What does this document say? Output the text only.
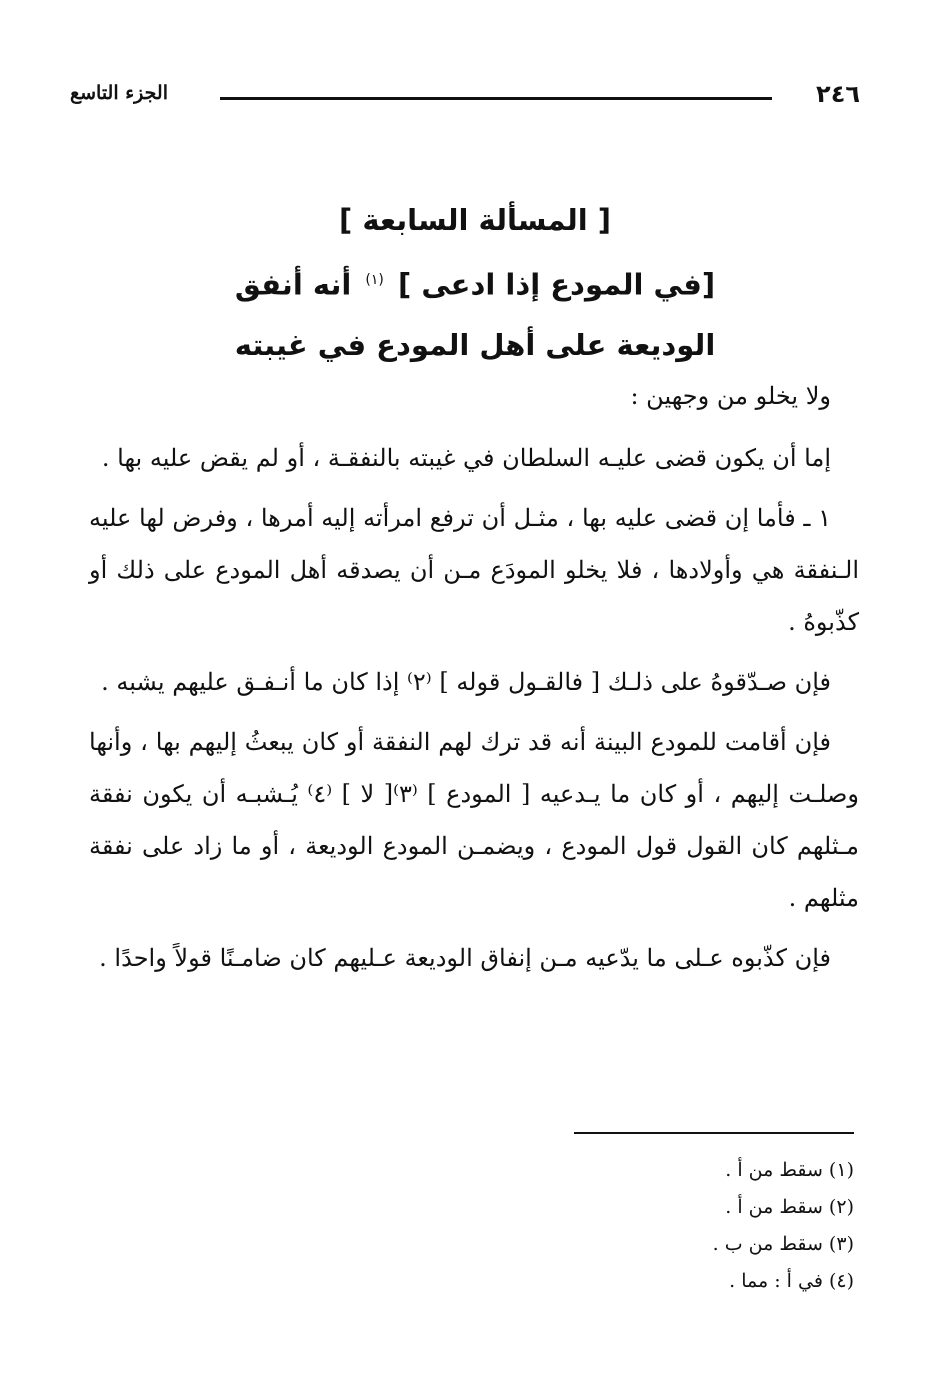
٢٤٦
الجزء التاسع
[ المسألة السابعة ]
[في المودع إذا ادعى ] $^{(١)}$ أنه أنفق
الوديعة على أهل المودع في غيبته

ولا يخلو من وجهين :

إما أن يكون قضى عليـه السلطان في غيبته بالنفقـة ، أو لم يقض عليه بها .

١ ـ فأما إن قضى عليه بها ، مثـل أن ترفع امرأته إليه أمرها ، وفرض لها عليه الـنفقة هي وأولادها ، فلا يخلو المودَع مـن أن يصدقه أهل المودع على ذلك أو كذّبوهُ .

فإن صـدّقوهُ على ذلـك [ فالقـول قوله ] ⁽٢⁾ إذا كان ما أنـفـق عليهم يشبه .

فإن أقامت للمودع البينة أنه قد ترك لهم النفقة أو كان يبعثُ إليهم بها ، وأنها وصلـت إليهم ، أو كان ما يـدعيه [ المودع ] ⁽٣⁾[ لا ] ⁽٤⁾ يُـشبـه أن يكون نفقة مـثلهم كان القول قول المودع ، ويضمـن المودع الوديعة ، أو ما زاد على نفقة مثلهم .

فإن كذّبوه عـلى ما يدّعيه مـن إنفاق الوديعة عـليهم كان ضامـنًا قولاً واحدًا .

(١) سقط من أ .
(٢) سقط من أ .
(٣) سقط من ب .
(٤) في أ : مما .
